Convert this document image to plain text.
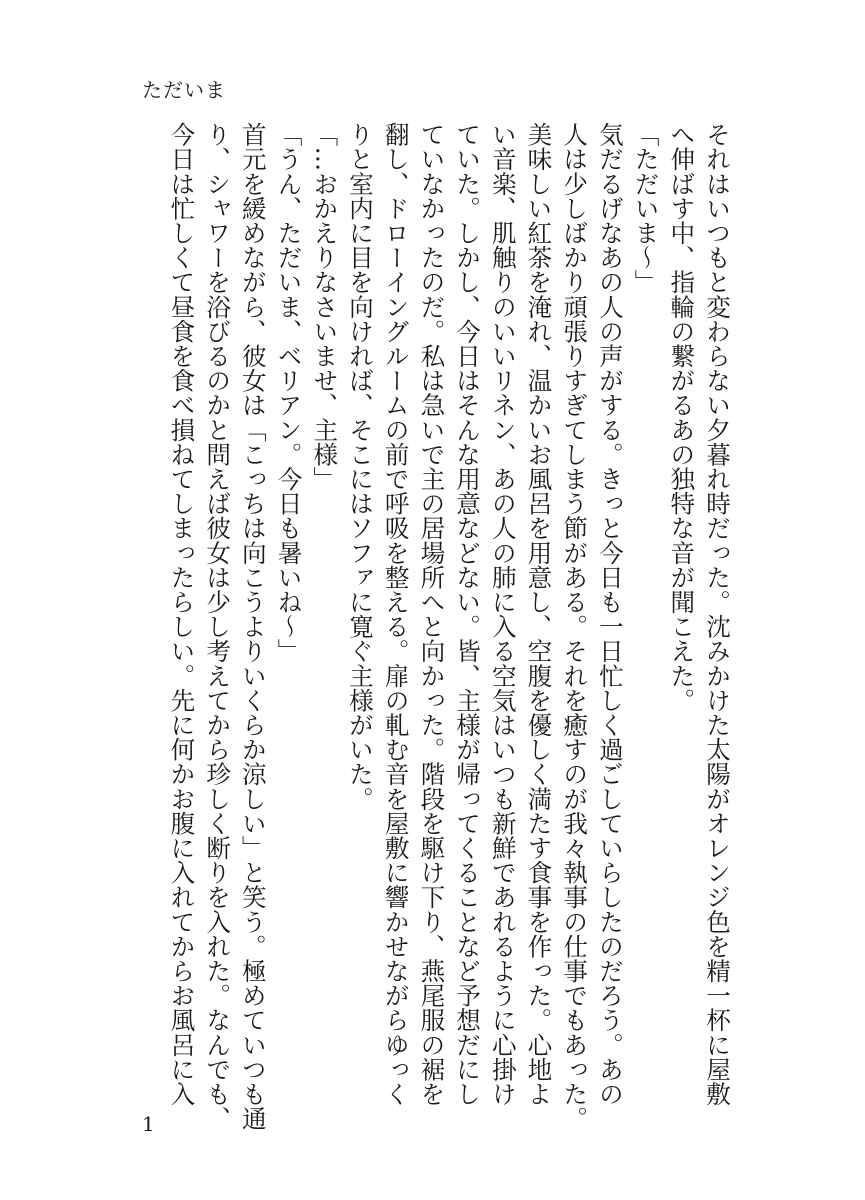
ただいま

それはいつもと変わらない夕暮れ時だった。沈みかけた太陽がオレンジ色を精一杯に屋敷

へ伸ばす中、指輪の繋がるあの独特な音が聞こえた。

「ただいま〜」

気だるげなあの人の声がする。きっと今日も一日忙しく過ごしていらしたのだろう。あの

人は少しばかり頑張りすぎてしまう節がある。それを癒すのが我々執事の仕事でもあった。

美味しい紅茶を淹れ、温かいお風呂を用意し、空腹を優しく満たす食事を作った。心地よ

い音楽、肌触りのいいリネン、あの人の肺に入る空気はいつも新鮮であれるように心掛け

ていた。しかし、今日はそんな用意などない。皆、主様が帰ってくることなど予想だにし

ていなかったのだ。私は急いで主の居場所へと向かった。階段を駆け下り、燕尾服の裾を

翻し、ドローイングルームの前で呼吸を整える。扉の軋む音を屋敷に響かせながらゆっく

りと室内に目を向ければ、そこにはソファに寛ぐ主様がいた。

「…おかえりなさいませ、主様」

「うん、ただいま、ベリアン。今日も暑いね〜」

首元を緩めながら、彼女は「こっちは向こうよりいくらか涼しい」と笑う。極めていつも通

り、シャワーを浴びるのかと問えば彼女は少し考えてから珍しく断りを入れた。なんでも、

今日は忙しくて昼食を食べ損ねてしまったらしい。先に何かお腹に入れてからお風呂に入

1
